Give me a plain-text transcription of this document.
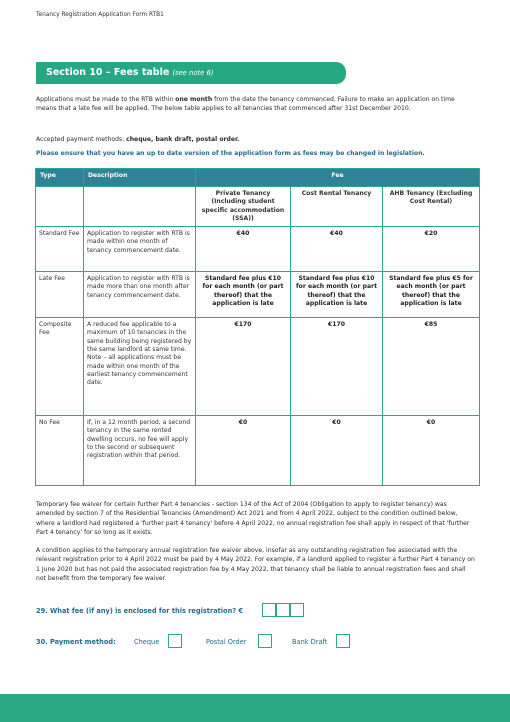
Tenancy Registration Application Form RTB1
Section 10 – Fees table (see note 6)
Applications must be made to the RTB within one month from the date the tenancy commenced. Failure to make an application on time means that a late fee will be applied. The below table applies to all tenancies that commenced after 31st December 2010.
Accepted payment methods: cheque, bank draft, postal order.
Please ensure that you have an up to date version of the application form as fees may be changed in legislation.
Type	Description	Fee		
		Private Tenancy (Including student specific accommodation (SSA))	Cost Rental Tenancy	AHB Tenancy (Excluding Cost Rental)
Standard Fee	Application to register with RTB is made within one month of tenancy commencement date.	€40	€40	€20
Late Fee	Application to register with RTB is made more than one month after tenancy commencement date.	Standard fee plus €10 for each month (or part thereof) that the application is late	Standard fee plus €10 for each month (or part thereof) that the application is late	Standard fee plus €5 for each month (or part thereof) that the application is late
Composite Fee	A reduced fee applicable to a maximum of 10 tenancies in the same building being registered by the same landlord at same time. Note – all applications must be made within one month of the earliest tenancy commencement date.	€170	€170	€85
No Fee	If, in a 12 month period, a second tenancy in the same rented dwelling occurs, no fee will apply to the second or subsequent registration within that period.	€0	€0	€0
Temporary fee waiver for certain further Part 4 tenancies - section 134 of the Act of 2004 (Obligation to apply to register tenancy) was amended by section 7 of the Residential Tenancies (Amendment) Act 2021 and from 4 April 2022, subject to the condition outlined below, where a landlord had registered a 'further part 4 tenancy' before 4 April 2022, no annual registration fee shall apply in respect of that 'further Part 4 tenancy' for so long as it exists.
A condition applies to the temporary annual registration fee waiver above, insofar as any outstanding registration fee associated with the relevant registration prior to 4 April 2022 must be paid by 4 May 2022. For example, if a landlord applied to register a further Part 4 tenancy on 1 June 2020 but has not paid the associated registration fee by 4 May 2022, that tenancy shall be liable to annual registration fees and shall not benefit from the temporary fee waiver.
29. What fee (if any) is enclosed for this registration? €
30. Payment method:	Cheque	Postal Order	Bank Draft
